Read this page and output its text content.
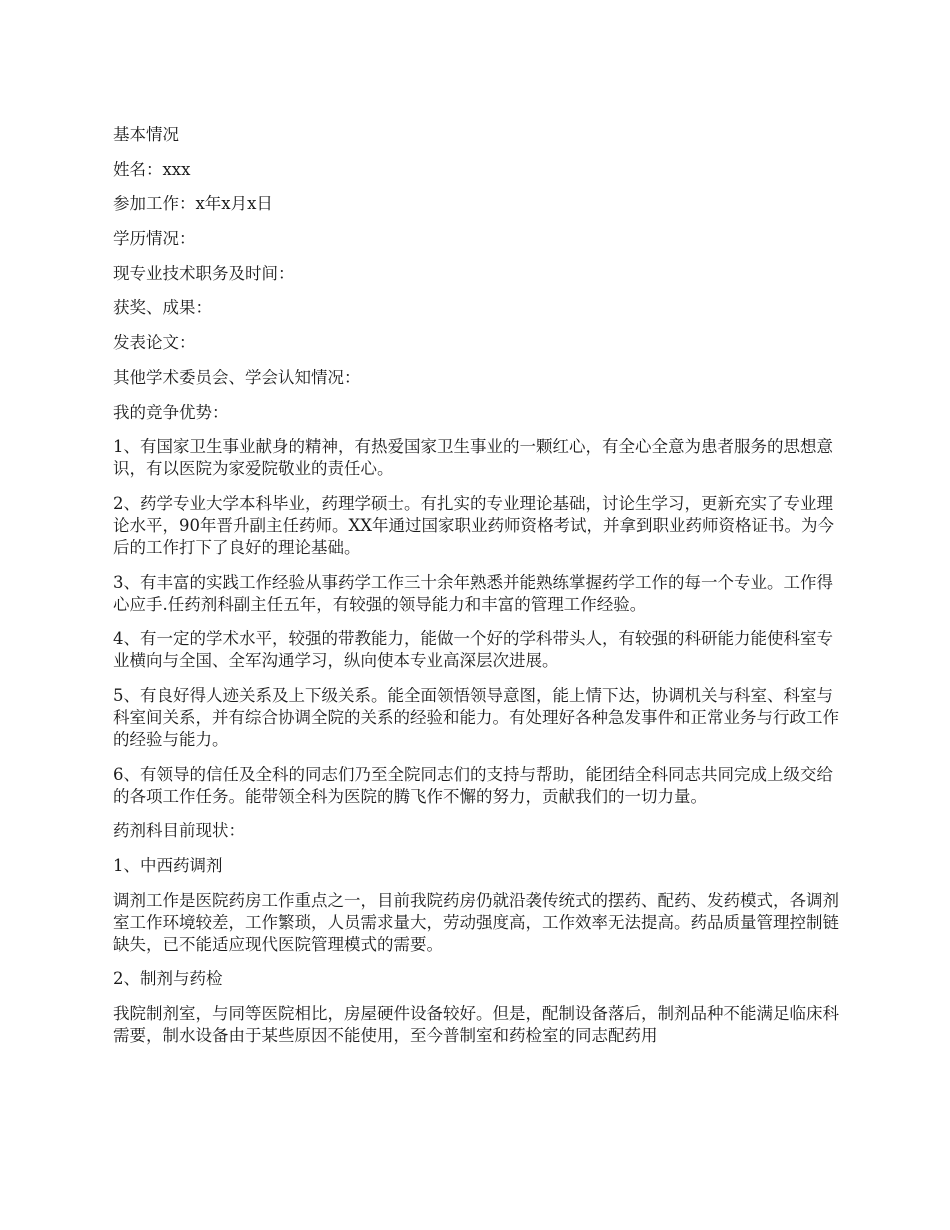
基本情况

姓名：xxx

参加工作：x年x月x日

学历情况：

现专业技术职务及时间：

获奖、成果：

发表论文：

其他学术委员会、学会认知情况：

我的竞争优势：

1、有国家卫生事业献身的精神，有热爱国家卫生事业的一颗红心，有全心全意为患者服务的思想意识，有以医院为家爱院敬业的责任心。

2、药学专业大学本科毕业，药理学硕士。有扎实的专业理论基础，讨论生学习，更新充实了专业理论水平，90年晋升副主任药师。XX年通过国家职业药师资格考试，并拿到职业药师资格证书。为今后的工作打下了良好的理论基础。

3、有丰富的实践工作经验从事药学工作三十余年熟悉并能熟练掌握药学工作的每一个专业。工作得心应手.任药剂科副主任五年，有较强的领导能力和丰富的管理工作经验。

4、有一定的学术水平，较强的带教能力，能做一个好的学科带头人，有较强的科研能力能使科室专业横向与全国、全军沟通学习，纵向使本专业高深层次进展。

5、有良好得人迹关系及上下级关系。能全面领悟领导意图，能上情下达，协调机关与科室、科室与科室间关系，并有综合协调全院的关系的经验和能力。有处理好各种急发事件和正常业务与行政工作的经验与能力。

6、有领导的信任及全科的同志们乃至全院同志们的支持与帮助，能团结全科同志共同完成上级交给的各项工作任务。能带领全科为医院的腾飞作不懈的努力，贡献我们的一切力量。

药剂科目前现状：

1、中西药调剂

调剂工作是医院药房工作重点之一，目前我院药房仍就沿袭传统式的摆药、配药、发药模式，各调剂室工作环境较差，工作繁琐，人员需求量大，劳动强度高，工作效率无法提高。药品质量管理控制链缺失，已不能适应现代医院管理模式的需要。

2、制剂与药检

我院制剂室，与同等医院相比，房屋硬件设备较好。但是，配制设备落后，制剂品种不能满足临床科需要，制水设备由于某些原因不能使用，至今普制室和药检室的同志配药用
